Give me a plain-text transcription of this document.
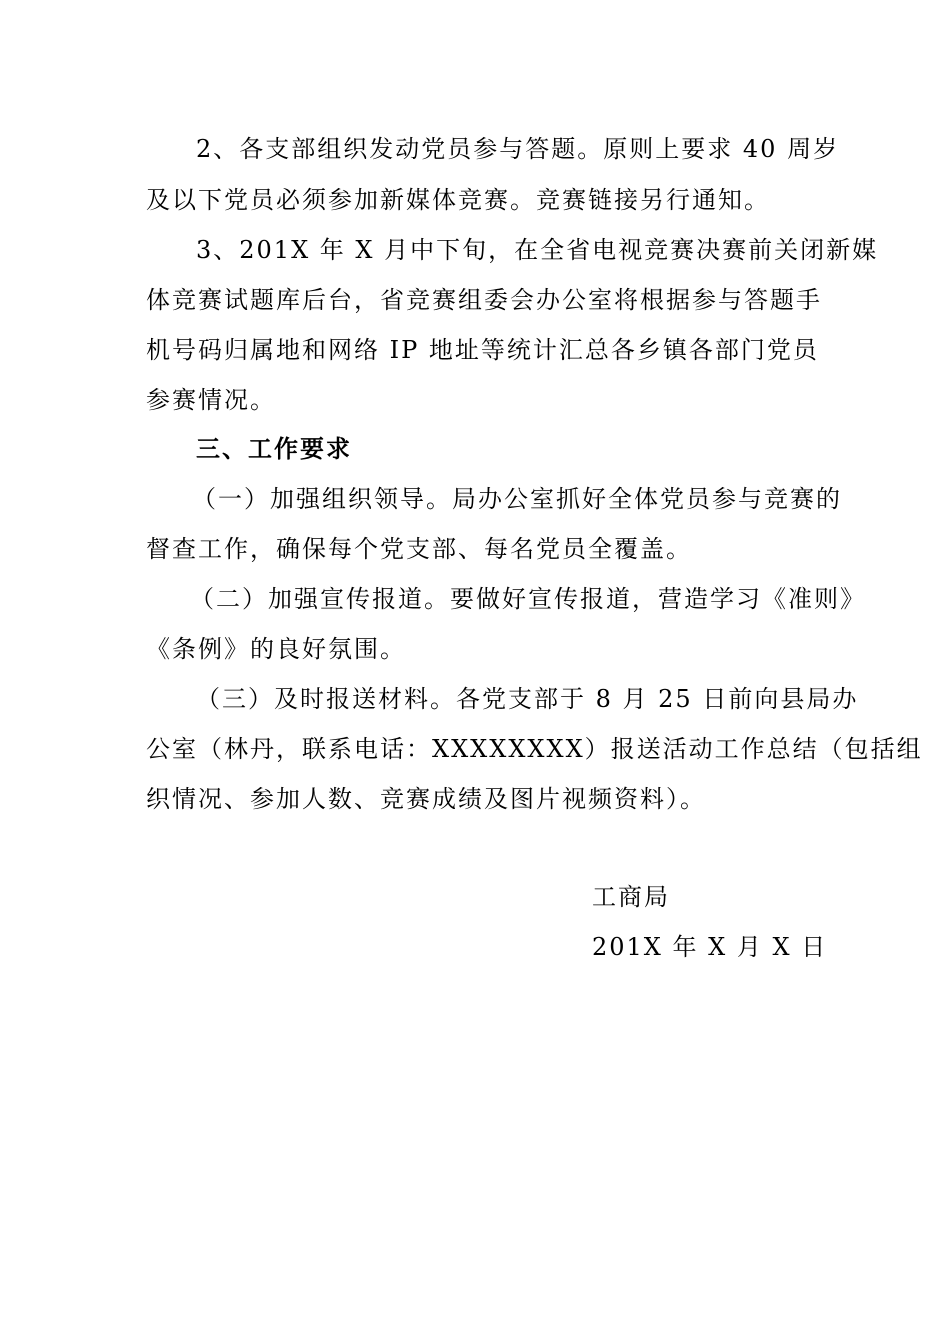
2、各支部组织发动党员参与答题。原则上要求 40 周岁
及以下党员必须参加新媒体竞赛。竞赛链接另行通知。
3、201X 年 X 月中下旬，在全省电视竞赛决赛前关闭新媒
体竞赛试题库后台，省竞赛组委会办公室将根据参与答题手
机号码归属地和网络 IP 地址等统计汇总各乡镇各部门党员
参赛情况。
三、工作要求
（一）加强组织领导。局办公室抓好全体党员参与竞赛的
督查工作，确保每个党支部、每名党员全覆盖。
（二）加强宣传报道。要做好宣传报道，营造学习《准则》
《条例》的良好氛围。
（三）及时报送材料。各党支部于 8 月 25 日前向县局办
公室（林丹，联系电话：XXXXXXXX）报送活动工作总结（包括组
织情况、参加人数、竞赛成绩及图片视频资料）。
工商局
201X 年 X 月 X 日
